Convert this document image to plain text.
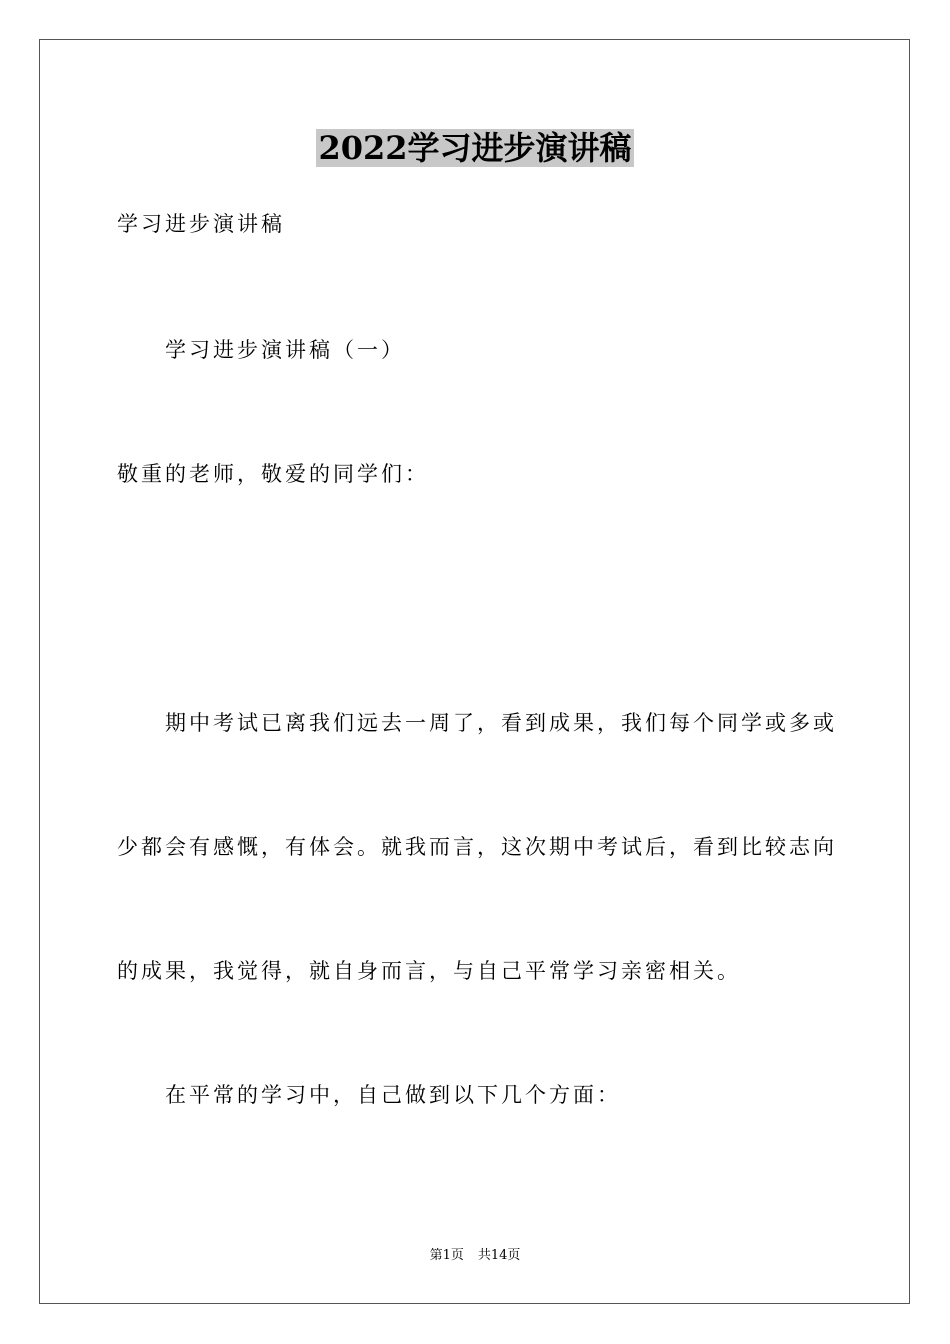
2022学习进步演讲稿
学习进步演讲稿
学习进步演讲稿（一）
敬重的老师，敬爱的同学们：
期中考试已离我们远去一周了，看到成果，我们每个同学或多或
少都会有感慨，有体会。就我而言，这次期中考试后，看到比较志向
的成果，我觉得，就自身而言，与自己平常学习亲密相关。
在平常的学习中，自己做到以下几个方面：
第1页 共14页
